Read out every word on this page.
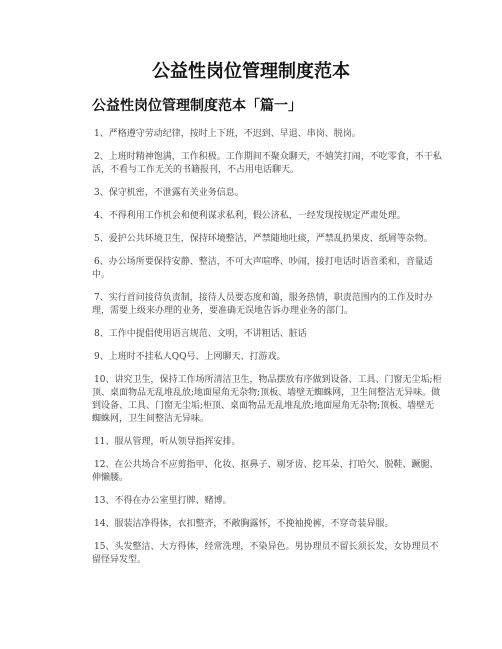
公益性岗位管理制度范本
公益性岗位管理制度范本「篇一」
1、严格遵守劳动纪律，按时上下班，不迟到、早退、串岗、脱岗。
2、上班时精神饱满，工作积极。工作期间不聚众聊天，不嬉笑打闹，不吃零食，不干私活，不看与工作无关的书籍报刊，不占用电话聊天。
3、保守机密，不泄露有关业务信息。
4、不得利用工作机会和便利谋求私利，假公济私，一经发现按规定严肃处理。
5、爱护公共环境卫生，保持环境整洁，严禁随地吐痰，严禁乱扔果皮、纸屑等杂物。
6、办公场所要保持安静、整洁，不可大声喧哗、吵闹，接打电话时语音柔和，音量适中。
7、实行首问接待负责制，接待人员要态度和蔼，服务热情，职责范围内的工作及时办理，需要上级来办理的业务，要准确无误地告诉办理业务的部门。
8、工作中提倡使用语言规范、文明，不讲粗话、脏话
9、上班时不挂私人QQ号、上网聊天、打游戏。
10、讲究卫生，保持工作场所清洁卫生，物品摆放有序做到设备、工具、门窗无尘垢;柜顶、桌面物品无乱堆乱放;地面屋角无杂物;顶板、墙壁无蜘蛛网，卫生间整洁无异味。做到设备、工具、门窗无尘垢;柜顶、桌面物品无乱堆乱放;地面屋角无杂物;顶板、墙壁无蜘蛛网，卫生间整洁无异味。
11、服从管理，听从领导指挥安排。
12、在公共场合不应剪指甲、化妆、抠鼻子、剔牙齿、挖耳朵、打哈欠、脱鞋、蹶腿、伸懒腰。
13、不得在办公室里打牌、赌博。
14、服装洁净得体，衣扣整齐，不敞胸露怀，不挽袖挽裤，不穿奇装异服。
15、头发整洁、大方得体，经常洗理，不染异色。男协理员不留长须长发，女协理员不留怪异发型。
